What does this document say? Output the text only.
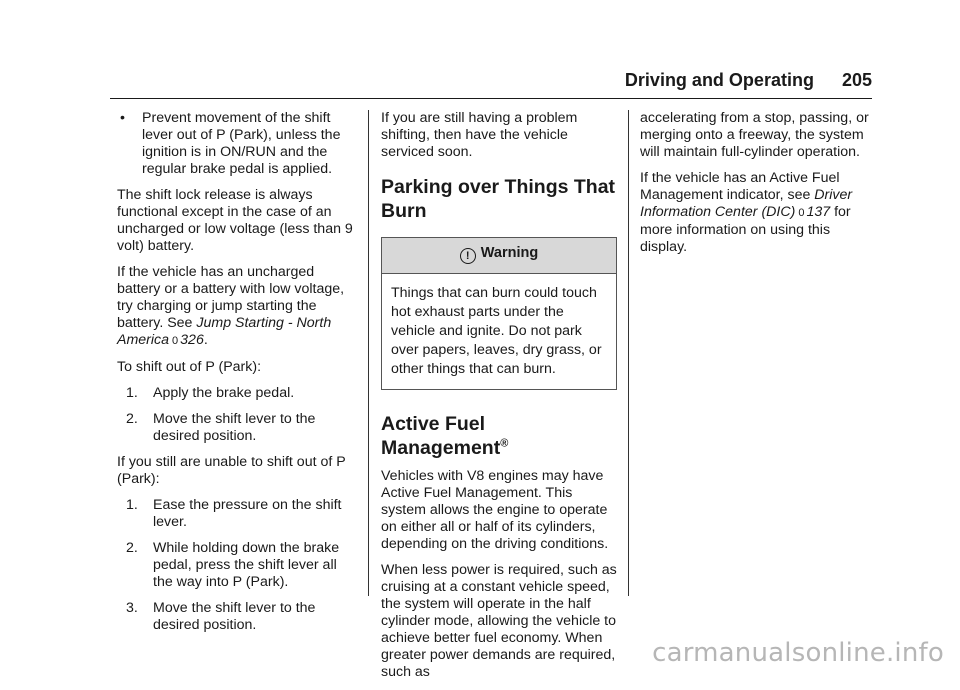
Driving and Operating 205
• Prevent movement of the shift lever out of P (Park), unless the ignition is in ON/RUN and the regular brake pedal is applied.

The shift lock release is always functional except in the case of an uncharged or low voltage (less than 9 volt) battery.

If the vehicle has an uncharged battery or a battery with low voltage, try charging or jump starting the battery. See Jump Starting - North America 0 326.

To shift out of P (Park):

1. Apply the brake pedal.
2. Move the shift lever to the desired position.

If you still are unable to shift out of P (Park):

1. Ease the pressure on the shift lever.
2. While holding down the brake pedal, press the shift lever all the way into P (Park).
3. Move the shift lever to the desired position.

If you are still having a problem shifting, then have the vehicle serviced soon.

Parking over Things That Burn
! Warning
Things that can burn could touch hot exhaust parts under the vehicle and ignite. Do not park over papers, leaves, dry grass, or other things that can burn.
Active Fuel Management®

Vehicles with V8 engines may have Active Fuel Management. This system allows the engine to operate on either all or half of its cylinders, depending on the driving conditions.

When less power is required, such as cruising at a constant vehicle speed, the system will operate in the half cylinder mode, allowing the vehicle to achieve better fuel economy. When greater power demands are required, such as

accelerating from a stop, passing, or merging onto a freeway, the system will maintain full-cylinder operation.

If the vehicle has an Active Fuel Management indicator, see Driver Information Center (DIC) 0 137 for more information on using this display.

carmanualsonline.info
